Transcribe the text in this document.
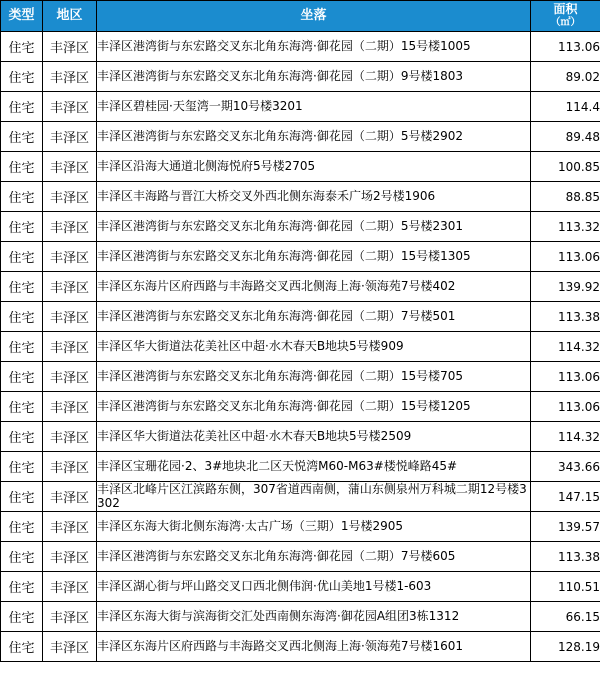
类型	地区	坐落	面积
（㎡）

住宅	丰泽区	丰泽区港湾街与东宏路交叉东北角东海湾·御花园（二期）15号楼1005	113.06
住宅	丰泽区	丰泽区港湾街与东宏路交叉东北角东海湾·御花园（二期）9号楼1803	89.02
住宅	丰泽区	丰泽区碧桂园·天玺湾一期10号楼3201	114.4
住宅	丰泽区	丰泽区港湾街与东宏路交叉东北角东海湾·御花园（二期）5号楼2902	89.48
住宅	丰泽区	丰泽区沿海大通道北侧海悦府5号楼2705	100.85
住宅	丰泽区	丰泽区丰海路与晋江大桥交叉外西北侧东海泰禾广场2号楼1906	88.85
住宅	丰泽区	丰泽区港湾街与东宏路交叉东北角东海湾·御花园（二期）5号楼2301	113.32
住宅	丰泽区	丰泽区港湾街与东宏路交叉东北角东海湾·御花园（二期）15号楼1305	113.06
住宅	丰泽区	丰泽区东海片区府西路与丰海路交叉西北侧海上海·领海苑7号楼402	139.92
住宅	丰泽区	丰泽区港湾街与东宏路交叉东北角东海湾·御花园（二期）7号楼501	113.38
住宅	丰泽区	丰泽区华大街道法花美社区中超·水木春天B地块5号楼909	114.32
住宅	丰泽区	丰泽区港湾街与东宏路交叉东北角东海湾·御花园（二期）15号楼705	113.06
住宅	丰泽区	丰泽区港湾街与东宏路交叉东北角东海湾·御花园（二期）15号楼1205	113.06
住宅	丰泽区	丰泽区华大街道法花美社区中超·水木春天B地块5号楼2509	114.32
住宅	丰泽区	丰泽区宝珊花园·2、3#地块北二区天悦湾M60-M63#楼悦峰路45#	343.66
住宅	丰泽区	丰泽区北峰片区江滨路东侧，307省道西南侧，蒲山东侧泉州万科城二期12号楼3302	147.15
住宅	丰泽区	丰泽区东海大街北侧东海湾·太古广场（三期）1号楼2905	139.57
住宅	丰泽区	丰泽区港湾街与东宏路交叉东北角东海湾·御花园（二期）7号楼605	113.38
住宅	丰泽区	丰泽区湖心街与坪山路交叉口西北侧伟润·优山美地1号楼1-603	110.51
住宅	丰泽区	丰泽区东海大街与滨海街交汇处西南侧东海湾·御花园A组团3栋1312	66.15
住宅	丰泽区	丰泽区东海片区府西路与丰海路交叉西北侧海上海·领海苑7号楼1601	128.19
